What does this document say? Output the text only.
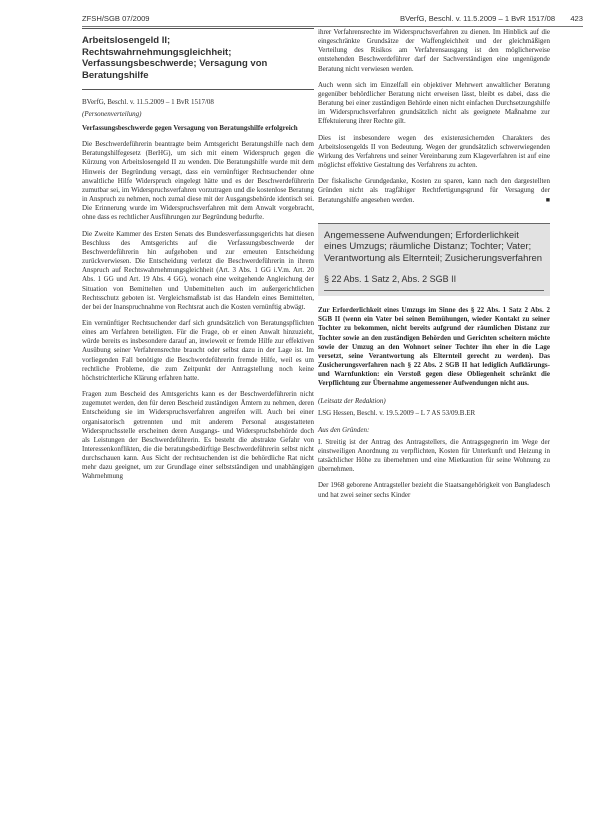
ZFSH/SGB 07/2009	BVerfG, Beschl. v. 11.5.2009 – 1 BvR 1517/08 423
Arbeitslosengeld II; Rechtswahrnehmungsgleichheit; Verfassungsbeschwerde; Versagung von Beratungshilfe
BVerfG, Beschl. v. 11.5.2009 – 1 BvR 1517/08
(Personenverteilung)
Verfassungsbeschwerde gegen Versagung von Beratungshilfe erfolgreich

Die Beschwerdeführerin beantragte beim Amtsgericht Beratungshilfe nach dem Beratungshilfegesetz (BerHG), um sich mit einem Widerspruch gegen die Kürzung von Arbeitslosengeld II zu wenden. Die Beratungshilfe wurde mit dem Hinweis der Begründung versagt, dass ein vernünftiger Rechtsuchender ohne anwaltliche Hilfe Widerspruch eingelegt hätte und es der Beschwerdeführerin zumutbar sei, im Widerspruchsverfahren vorzutragen und die kostenlose Beratung in Anspruch zu nehmen, noch zumal diese mit der Ausgangsbehörde identisch sei. Die Erinnerung wurde im Widerspruchsverfahren mit dem Anwalt vorgebracht, ohne dass es rechtlicher Ausführungen zur Begründung bedurfte.

Die Zweite Kammer des Ersten Senats des Bundesverfassungsgerichts hat diesen Beschluss des Amtsgerichts auf die Verfassungsbeschwerde der Beschwerdeführerin hin aufgehoben und zur erneuten Entscheidung zurückverwiesen. Die Entscheidung verletzt die Beschwerdeführerin in ihrem Anspruch auf Rechtswahrnehmungsgleichheit (Art. 3 Abs. 1 GG i.V.m. Art. 20 Abs. 1 GG und Art. 19 Abs. 4 GG), wonach eine weitgehende Angleichung der Situation von Bemittelten und Unbemittelten auch im außergerichtlichen Rechtsschutz geboten ist. Vergleichsmaßstab ist das Handeln eines Bemittelten, der bei der Inanspruchnahme von Rechtsrat auch die Kosten vernünftig abwägt.

Ein vernünftiger Rechtsuchender darf sich grundsätzlich von Beratungspflichten eines am Verfahren beteiligten. Für die Frage, ob er einen Anwalt hinzuzieht, würde bereits es insbesondere darauf an, inwieweit er fremde Hilfe zur effektiven Ausübung seiner Verfahrensrechte braucht oder selbst dazu in der Lage ist. Im vorliegenden Fall benötigte die Beschwerdeführerin fremde Hilfe, weil es um rechtliche Probleme, die zum Zeitpunkt der Antragstellung noch keine höchstrichterliche Klärung erfahren hatte.

Fragen zum Bescheid des Amtsgerichts kann es der Beschwerdeführerin nicht zugemutet werden, den für deren Bescheid zuständigen Ämtern zu nehmen, deren Entscheidung sie im Widerspruchsverfahren angreifen will. Auch bei einer organisatorisch getrennten und mit anderem Personal ausgestatteten Widerspruchsstelle erscheinen deren Ausgangs- und Widerspruchsbehörde doch als Leistungen der Beschwerdeführerin. Es besteht die abstrakte Gefahr von Interessenkonflikten, die die beratungsbedürftige Beschwerdeführerin selbst nicht durchschauen kann. Aus Sicht der rechtsuchenden ist die behördliche Rat nicht mehr dazu geeignet, um zur Grundlage einer selbstständigen und unabhängigen Wahrnehmung

ihrer Verfahrensrechte im Widerspruchsverfahren zu dienen. Im Hinblick auf die eingeschränkte Grundsätze der Waffengleichheit und der gleichmäßigen Verteilung des Risikos am Verfahrensausgang ist den möglicherweise entstehenden Beschwerdeführer darf der Sachverständigen eine ungenügende Beratung nicht verwiesen werden.

Auch wenn sich im Einzelfall ein objektiver Mehrwert anwaltlicher Beratung gegenüber behördlicher Beratung nicht erweisen lässt, bleibt es dabei, dass die Beratung bei einer zuständigen Behörde einen nicht einfachen Durchsetzungshilfe im Widerspruchsverfahren grundsätzlich nicht als geeignete Maßnahme zur Effektuierung ihrer Rechte gilt.

Dies ist insbesondere wegen des existenzsichernden Charakters des Arbeitslosengelds II von Bedeutung. Wegen der grundsätzlich schwerwiegenden Wirkung des Verfahrens und seiner Vereinbarung zum Klageverfahren ist auf eine möglichst effektive Gestaltung des Verfahrens zu achten.

Der fiskalische Grundgedanke, Kosten zu sparen, kann nach den dargestellten Gründen nicht als tragfähiger Rechtfertigungsgrund für Versagung der Beratungshilfe angesehen werden.	■

Angemessene Aufwendungen; Erforderlichkeit eines Umzugs; räumliche Distanz; Tochter; Vater; Verantwortung als Elternteil; Zusicherungsverfahren
§ 22 Abs. 1 Satz 2, Abs. 2 SGB II

Zur Erforderlichkeit eines Umzugs im Sinne des § 22 Abs. 1 Satz 2 Abs. 2 SGB II (wenn ein Vater bei seinen Bemühungen, wieder Kontakt zu seiner Tochter zu bekommen, nicht bereits aufgrund der räumlichen Distanz zur Tochter sowie an den zuständigen Behörden und Gerichten scheitern möchte sowie der Umzug an den Wohnort seiner Tochter ihn eher in die Lage versetzt, seine Verantwortung als Elternteil gerecht zu werden). Das Zusicherungsverfahren nach § 22 Abs. 2 SGB II hat lediglich Aufklärungs- und Warnfunktion: ein Verstoß gegen diese Obliegenheit schränkt die Verpflichtung zur Übernahme angemessener Aufwendungen nicht aus.

(Leitsatz der Redaktion)

LSG Hessen, Beschl. v. 19.5.2009 – L 7 AS 53/09.B.ER

Aus den Gründen:

I. Streitig ist der Antrag des Antragstellers, die Antragsgegnerin im Wege der einstweiligen Anordnung zu verpflichten, Kosten für Unterkunft und Heizung in tatsächlicher Höhe zu übernehmen und eine Mietkaution für seine Wohnung zu übernehmen.

Der 1968 geborene Antragsteller bezieht die Staatsangehörigkeit von Bangladesch und hat zwei seiner sechs Kinder
